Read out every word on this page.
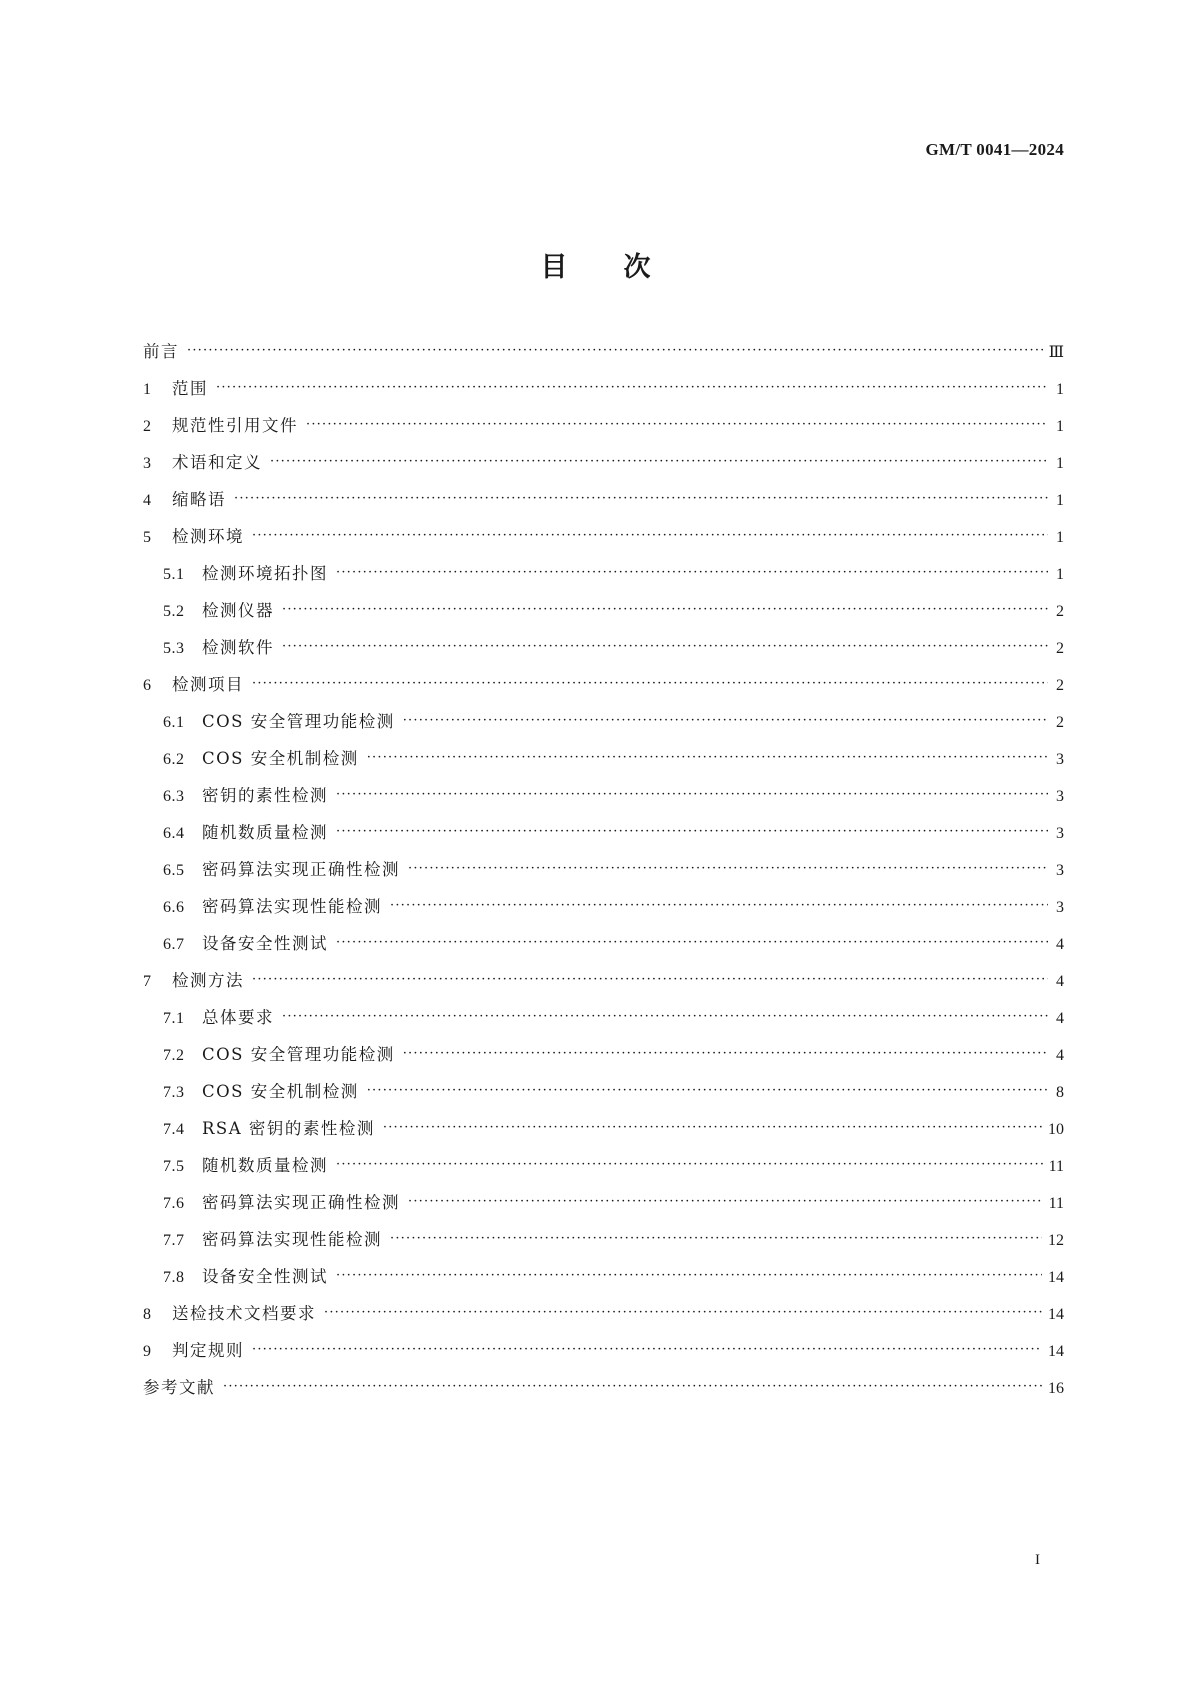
GM/T 0041—2024
目 次
前言 ·····	Ⅲ
1	范围 ·····	1
2	规范性引用文件 ·····	1
3	术语和定义 ·····	1
4	缩略语 ·····	1
5	检测环境 ·····	1
5.1	检测环境拓扑图 ·····	1
5.2	检测仪器 ·····	2
5.3	检测软件 ·····	2
6	检测项目 ·····	2
6.1	COS 安全管理功能检测 ·····	2
6.2	COS 安全机制检测 ·····	3
6.3	密钥的素性检测 ·····	3
6.4	随机数质量检测 ·····	3
6.5	密码算法实现正确性检测 ·····	3
6.6	密码算法实现性能检测 ·····	3
6.7	设备安全性测试 ·····	4
7	检测方法 ·····	4
7.1	总体要求 ·····	4
7.2	COS 安全管理功能检测 ·····	4
7.3	COS 安全机制检测 ·····	8
7.4	RSA 密钥的素性检测 ·····	10
7.5	随机数质量检测 ·····	11
7.6	密码算法实现正确性检测 ·····	11
7.7	密码算法实现性能检测 ·····	12
7.8	设备安全性测试 ·····	14
8	送检技术文档要求 ·····	14
9	判定规则 ·····	14
参考文献 ·····	16
I
